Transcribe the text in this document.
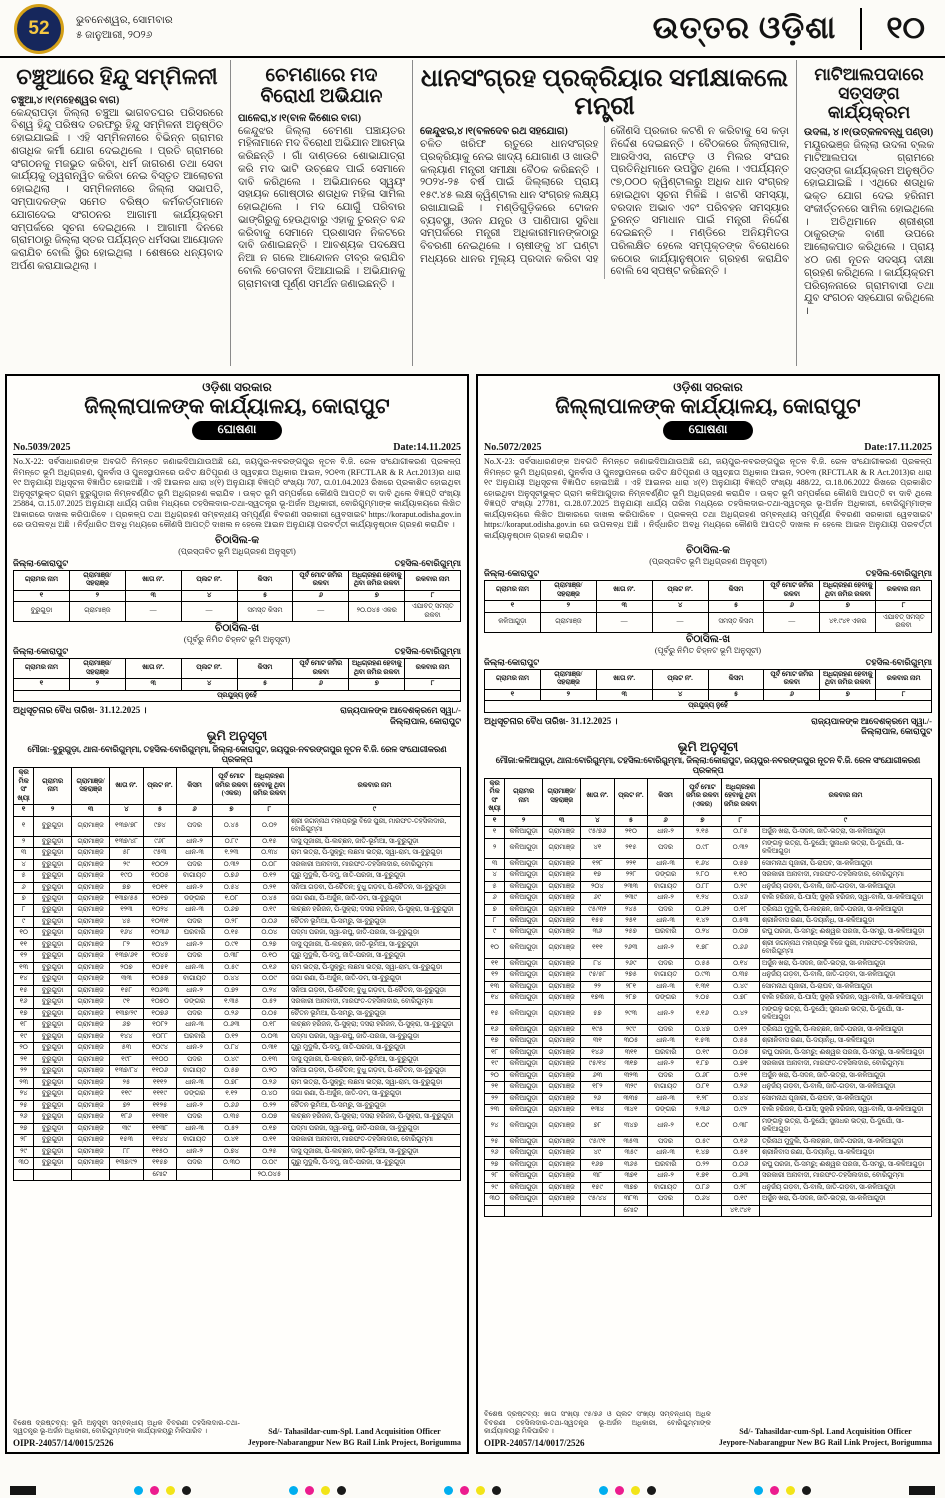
52	ଭୁବନେଶ୍ୱର, ସୋମବାର
୫ ଜାନୁଆରୀ, ୨୦୨୬	ଉତ୍ତର ଓଡ଼ିଶା ୧୦
ଚଞ୍ଚୁଆରେ ହିନ୍ଦୁ ସମ୍ମିଳନୀ
ଚଞ୍ଚୁଆ,୪।୧(ମହେଶ୍ୱର ବାଗ)

କେନ୍ଦ୍ରାପଡ଼ା ଜିଲ୍ଲା ଚଞ୍ଚୁଆ ଭାଗବତଘର ପରିସରରେ ବିଶ୍ୱ ହିନ୍ଦୁ ପରିଷଦ ତରଫରୁ ହିନ୍ଦୁ ସମ୍ମିଳନୀ ଅନୁଷ୍ଠିତ ହୋଇଯାଇଛି । ଏହି ସମ୍ମିଳନୀରେ ବିଭିନ୍ନ ଗ୍ରାମର ଶତାଧିକ କର୍ମୀ ଯୋଗ ଦେଇଥିଲେ । ପ୍ରତି ଗ୍ରାମରେ ସଂଗଠନକୁ ମଜଭୁତ କରିବା, ଧର୍ମ ଜାଗରଣ ତଥା ସେବା କାର୍ଯ୍ୟକୁ ତ୍ୱରାନ୍ୱିତ କରିବା ନେଇ ବିସ୍ତୃତ ଆଲୋଚନା ହୋଇଥିଲା । ସମ୍ମିଳନୀରେ ଜିଲ୍ଲା ସଭାପତି, ସମ୍ପାଦକଙ୍କ ସମେତ ବରିଷ୍ଠ କର୍ମକର୍ତ୍ତାମାନେ ଯୋଗଦେଇ ସଂଗଠନର ଆଗାମୀ କାର୍ଯ୍ୟକ୍ରମ ସମ୍ପର୍କରେ ସୂଚନା ଦେଇଥିଲେ । ଆଗାମୀ ଦିନରେ ଗ୍ରାମଠାରୁ ଜିଲ୍ଲା ସ୍ତର ପର୍ଯ୍ୟନ୍ତ ଧର୍ମସଭା ଆୟୋଜନ କରାଯିବ ବୋଲି ସ୍ଥିର ହୋଇଥିଲା । ଶେଷରେ ଧନ୍ୟବାଦ ଅର୍ପଣ କରାଯାଇଥିଲା ।

ଚେମଣାରେ ମଦ ବିରୋଧୀ ଅଭିଯାନ
ପାଳେରା,୪।୧(ବାଳ କିଶୋର ବାଗ)

କେନ୍ଦୁଝର ଜିଲ୍ଲା ଚେମଣା ପଞ୍ଚାୟତର ମହିଳାମାନେ ମଦ ବିରୋଧୀ ଅଭିଯାନ ଆରମ୍ଭ କରିଛନ୍ତି । ଗାଁ ଦାଣ୍ଡରେ ଶୋଭାଯାତ୍ରା କରି ମଦ ଭାଟି ଉଚ୍ଛେଦ ପାଇଁ ସେମାନେ ଦାବି କରିଥିଲେ । ଅଭିଯାନରେ ସ୍ୱୟଂ ସହାୟକ ଗୋଷ୍ଠୀର ଶତାଧିକ ମହିଳା ସାମିଲ ହୋଇଥିଲେ । ମଦ ଯୋଗୁଁ ପରିବାର ଭାଙ୍ଗିରୁଜୁ ହେଉଥିବାରୁ ଏହାକୁ ତୁରନ୍ତ ବନ୍ଦ କରିବାକୁ ସେମାନେ ପ୍ରଶାସନ ନିକଟରେ ଦାବି ଜଣାଇଛନ୍ତି । ଆବଶ୍ୟକ ପଦକ୍ଷେପ ନିଆ ନ ଗଲେ ଆନ୍ଦୋଳନ ତୀବ୍ର କରାଯିବ ବୋଲି ଚେତାବନୀ ଦିଆଯାଇଛି । ଅଭିଯାନକୁ ଗ୍ରାମବାସୀ ପୂର୍ଣ୍ଣ ସମର୍ଥନ ଜଣାଇଛନ୍ତି ।

ଧାନସଂଗ୍ରହ ପ୍ରକ୍ରିୟାର ସମୀକ୍ଷାକଲେ ମନ୍ତ୍ରୀ
କେନ୍ଦୁଝର,୪।୧(ବଳଦେବ ରଥ ସହଯୋଗ)

ଚଳିତ ଖରିଫ ଋତୁରେ ଧାନସଂଗ୍ରହ ପ୍ରକ୍ରିୟାକୁ ନେଇ ଖାଦ୍ୟ ଯୋଗାଣ ଓ ଖାଉଟି କଲ୍ୟାଣ ମନ୍ତ୍ରୀ ସମୀକ୍ଷା ବୈଠକ କରିଛନ୍ତି । ୨୦୨୪-୨୫ ବର୍ଷ ପାଇଁ ଜିଲ୍ଲାରେ ପ୍ରାୟ ୧୫୯.୪୫ ଲକ୍ଷ କ୍ୱିଣ୍ଟାଲ ଧାନ ସଂଗ୍ରହ ଲକ୍ଷ୍ୟ ରଖାଯାଇଛି । ମଣ୍ଡିଗୁଡ଼ିକରେ ଟୋକନ ବ୍ୟବସ୍ଥା, ଓଜନ ଯନ୍ତ୍ର ଓ ପାଣିପାଗ ସୁବିଧା ସମ୍ପର୍କରେ ମନ୍ତ୍ରୀ ଅଧିକାରୀମାନଙ୍କଠାରୁ ବିବରଣୀ ନେଇଥିଲେ । ଚାଷୀଙ୍କୁ ୪୮ ଘଣ୍ଟା ମଧ୍ୟରେ ଧାନର ମୂଲ୍ୟ ପ୍ରଦାନ କରିବା ସହ କୌଣସି ପ୍ରକାର କଟଣି ନ କରିବାକୁ ସେ କଡ଼ା ନିର୍ଦ୍ଦେଶ ଦେଇଛନ୍ତି । ବୈଠକରେ ଜିଲ୍ଲାପାଳ, ଆରସିଏସ, ନାଫେଡ଼ ଓ ମିଲର ସଂଘର ପ୍ରତିନିଧିମାନେ ଉପସ୍ଥିତ ଥିଲେ । ଏପର୍ଯ୍ୟନ୍ତ ୯୭,୦୦୦ କ୍ୱିଣ୍ଟାଲରୁ ଅଧିକ ଧାନ ସଂଗ୍ରହ ହୋଇଥିବା ସୂଚନା ମିଳିଛି । ଖଟଣି ସମସ୍ୟା, ବରଦାନ ଅଭାବ ଏବଂ ପରିବହନ ସମସ୍ୟାର ତୁରନ୍ତ ସମାଧାନ ପାଇଁ ମନ୍ତ୍ରୀ ନିର୍ଦ୍ଦେଶ ଦେଇଛନ୍ତି । ମଣ୍ଡିରେ ଅନିୟମିତତା ପରିଲକ୍ଷିତ ହେଲେ ସମ୍ପୃକ୍ତଙ୍କ ବିରୋଧରେ କଠୋର କାର୍ଯ୍ୟାନୁଷ୍ଠାନ ଗ୍ରହଣ କରାଯିବ ବୋଲି ସେ ସ୍ପଷ୍ଟ କରିଛନ୍ତି ।

ମାଟିଆଲପଦାରେ ସତ୍ସଙ୍ଗ କାର୍ଯ୍ୟକ୍ରମ
ଉଦଳା, ୪।୧(ଉତ୍କଳବନ୍ଧୁ ପଣ୍ଡା)

ମୟୂରଭଞ୍ଜ ଜିଲ୍ଲା ଉଦଳା ବ୍ଲକ ମାଟିଆଲପଦା ଗ୍ରାମରେ ସତ୍ସଙ୍ଗ କାର୍ଯ୍ୟକ୍ରମ ଅନୁଷ୍ଠିତ ହୋଇଯାଇଛି । ଏଥିରେ ଶତାଧିକ ଭକ୍ତ ଯୋଗ ଦେଇ ହରିନାମ ସଂକୀର୍ତ୍ତନରେ ସାମିଲ ହୋଇଥିଲେ । ଅତିଥିମାନେ ଶ୍ରୀଶ୍ରୀ ଠାକୁରଙ୍କ ବାଣୀ ଉପରେ ଆଲୋକପାତ କରିଥିଲେ । ପ୍ରାୟ ୪୦ ଜଣ ନୂତନ ସଦସ୍ୟ ଦୀକ୍ଷା ଗ୍ରହଣ କରିଥିଲେ । କାର୍ଯ୍ୟକ୍ରମ ପରିଚାଳନାରେ ଗ୍ରାମବାସୀ ତଥା ଯୁବ ସଂଗଠନ ସହଯୋଗ କରିଥିଲେ ।

ଓଡ଼ିଶା ସରକାର
ଜିଲ୍ଲାପାଳଙ୍କ କାର୍ଯ୍ୟାଳୟ, କୋରାପୁଟ
ଘୋଷଣା
No.5039/2025	Date:14.11.2025

No.X-22: ସର୍ବସାଧାରଣଙ୍କ ଅବଗତି ନିମନ୍ତେ ଜଣାଇଦିଆଯାଉଅଛି ଯେ, ଜୟପୁର-ନବରଙ୍ଗପୁର ନୂତନ ବି.ଜି. ରେଳ ସଂଯୋଗୀକରଣ ପ୍ରକଳ୍ପ ନିମନ୍ତେ ଭୂମି ଅଧିଗ୍ରହଣ, ପୁନର୍ବାସ ଓ ପୁନଃସ୍ଥାପନରେ ଉଚିତ କ୍ଷତିପୂରଣ ଓ ସ୍ୱଚ୍ଛତା ଅଧିକାର ଆଇନ, ୨୦୧୩ (RFCTLAR & R Act.2013)ର ଧାରା ୧୯ ଅନୁଯାୟୀ ଅଧିସୂଚନା ବିଜ୍ଞାପିତ ହୋଇଅଛି । ଏହି ଆଇନର ଧାରା ୪(୧) ଅନୁଯାୟୀ ବିଜ୍ଞପ୍ତି ସଂଖ୍ୟା 707, ତା.01.04.2023 ରିଖରେ ପ୍ରକାଶିତ ହୋଇଥିବା ଅନୁସୂଚୀଭୁକ୍ତ ଗ୍ରାମ ବୁରୁଗୁଡ଼ାର ନିମ୍ନବର୍ଣ୍ଣିତ ଭୂମି ଅଧିଗ୍ରହଣ କରାଯିବ । ଉକ୍ତ ଭୂମି ସମ୍ପର୍କରେ କୌଣସି ଆପତ୍ତି ବା ଦାବି ଥିଲେ ବିଜ୍ଞପ୍ତି ସଂଖ୍ୟା 25884, ତା.15.07.2025 ଅନୁଯାୟୀ ଧାର୍ଯ୍ୟ ତାରିଖ ମଧ୍ୟରେ ତହସିଲଦାର-ତଥା-ସ୍ୱତନ୍ତ୍ର ଭୂ-ଅର୍ଜନ ଅଧିକାରୀ, ବୋରିଗୁମ୍ମାଙ୍କ କାର୍ଯ୍ୟାଳୟରେ ଲିଖିତ ଆକାରରେ ଦାଖଲ କରିପାରିବେ । ପ୍ରକଳ୍ପ ତଥା ଅଧିଗ୍ରହଣ ସମ୍ବନ୍ଧୀୟ ସମ୍ପୂର୍ଣ୍ଣ ବିବରଣୀ ସରକାରୀ ୱେବସାଇଟ https://koraput.odisha.gov.in ରେ ଉପଲବ୍ଧ ଅଛି । ନିର୍ଦ୍ଧାରିତ ଅବଧି ମଧ୍ୟରେ କୌଣସି ଆପତ୍ତି ଦାଖଲ ନ ହେଲେ ଆଇନ ଅନୁଯାୟୀ ପରବର୍ତ୍ତୀ କାର୍ଯ୍ୟାନୁଷ୍ଠାନ ଗ୍ରହଣ କରାଯିବ ।

ଚିଠାସିଲ-କ
(ପ୍ରସ୍ତାବିତ ଭୂମି ଅଧିଗ୍ରହଣ ଅନୁସୂଚୀ)
ଜିଲ୍ଲା-କୋରାପୁଟ	ତହସିଲ-ବୋରିଗୁମ୍ମା
ଗ୍ରାମର ନାମ	ଗ୍ରାମାଞ୍ଜ/ ସହରାଞ୍ଜ	ଖାତା ନଂ.	ପ୍ଲଟ ନଂ.	କିସମ	ପୂର୍ବ ମୋଟ ଜମିର ରକବା	ଅଧିଗ୍ରହଣ ହେବାକୁ ଥିବା ଜମିର ରକବା	ରକବାର ନାମ
୧	୨	୩	୪	୫	୬	୭	୮
ବୁରୁଗୁଡ଼ା	ଗ୍ରାମାଞ୍ଜ	—	—	ସମସ୍ତ କିସମ	—	୨୦.୦୪୫ ଏକର	ଏଯାବତ୍ ସମସ୍ତ ରକବା
ଚିଠାସିଲ-ଖ
(ପୂର୍ବରୁ ନିମିତ ଚିହ୍ନଟ ଭୂମି ଅନୁସୂଚୀ)
ଜିଲ୍ଲା-କୋରାପୁଟ	ତହସିଲ-ବୋରିଗୁମ୍ମା
ଗ୍ରାମର ନାମ	ଗ୍ରାମାଞ୍ଜ/ ସହରାଞ୍ଜ	ଖାତା ନଂ.	ପ୍ଲଟ ନଂ.	କିସମ	ପୂର୍ବ ମୋଟ ଜମିର ରକବା	ଅଧିଗ୍ରହଣ ହେବାକୁ ଥିବା ଜମିର ରକବା	ରକବାର ନାମ
୧	୨	୩	୪	୫	୬	୭	୮
ପ୍ରଯୁଜ୍ୟ ନୁହେଁ							
ଅଧିସୂଚନାର ବୈଧ ତାରିଖ- 31.12.2025 ।	ରାଜ୍ୟପାଳଙ୍କ ଆଦେଶକ୍ରମେ ସ୍ୱା./-
ଜିଲ୍ଲାପାଳ, କୋରାପୁଟ
ଭୂମି ଅନୁସୂଚୀ
ମୌଜା:-ବୁରୁଗୁଡ଼ା, ଥାନା-ବୋରିଗୁମ୍ମା, ତହସିଲ-ବୋରିଗୁମ୍ମା, ଜିଲ୍ଲା-କୋରାପୁଟ, ଜୟପୁର-ନବରଙ୍ଗପୁର ନୂତନ ବି.ଜି. ରେଳ ସଂଯୋଗୀକରଣ ପ୍ରକଳ୍ପ
କ୍ରମିକ ସଂଖ୍ୟା	ଗ୍ରାମର ନାମ	ଗ୍ରାମାଞ୍ଜ/ ସହରାଞ୍ଜ	ଖାତା ନଂ.	ପ୍ଲଟ ନଂ.	କିସମ	ପୂର୍ବ ମୋଟ ଜମିର ରକବା (ଏକର)	ଅଧିଗ୍ରହଣ ହେବାକୁ ଥିବା ଜମିର ରକବା	ରକବାର ନାମ
୧	୨	୩	୪	୫	୬	୭	୮	୯
୧	ବୁରୁଗୁଡ଼ା	ଗ୍ରାମାଞ୍ଜ	୧୩୭/୭୮	୯୭୪	ପଦର	୦.୪୫	୦.୦୨	ଶ୍ରୀ ଜଗନ୍ନାଥ ମହାପ୍ରଭୁ ବିଜେ ପୁରୀ, ମାରଫତ-ତହସିଲଦାର, ବୋରିଗୁମ୍ମା
୨	ବୁରୁଗୁଡ଼ା	ଗ୍ରାମାଞ୍ଜ	୧୩୭/୪୮	୯୬୮	ଧାନ-୨	୦.୮୯	୦.୧୫	ଦାସୁ ପୂଜାରୀ, ପି-ଲଚ୍ଛନ, ଜାତି-ଭୂମିଆ, ସା-ବୁରୁଗୁଡ଼ା
୩	ବୁରୁଗୁଡ଼ା	ଗ୍ରାମାଞ୍ଜ	୫୮	୯୫୩	ଧାନ-୩	୧.୨୩	୦.୩୪	ରାମ ଭତ୍ରା, ପି-ସୁକ୍ରୁ; ଲଛମା ଭତ୍ରା, ସ୍ୱା-ରାମ, ସା-ବୁରୁଗୁଡ଼ା
୪	ବୁରୁଗୁଡ଼ା	ଗ୍ରାମାଞ୍ଜ	୨୯	୧୦୦୨	ପଦର	୦.୩୨	୦.୦୮	ସରକାରୀ ଅନାବାଦୀ, ମାରଫତ-ତହସିଲଦାର, ବୋରିଗୁମ୍ମା
୫	ବୁରୁଗୁଡ଼ା	ଗ୍ରାମାଞ୍ଜ	୧୯୦	୧୦୦୫	ବାଗାୟତ	୦.୭୬	୦.୧୨	ଗୁରୁ ମୁଦୁଲି, ପି-ଦମୁ, ଜାତି-ପରଜା, ସା-ବୁରୁଗୁଡ଼ା
୬	ବୁରୁଗୁଡ଼ା	ଗ୍ରାମାଞ୍ଜ	୭୭	୧୦୧୧	ଧାନ-୨	୦.୫୪	୦.୨୧	ସନିଆ ଗଡ଼ବା, ପି-ଚୈତନ; ବୁଧୁ ଗଡ଼ବା, ପି-ଚୈତନ, ସା-ବୁରୁଗୁଡ଼ା
୭	ବୁରୁଗୁଡ଼ା	ଗ୍ରାମାଞ୍ଜ	୧୩୭/୫୫	୧୦୧୭	ଡଙ୍ଗର	୧.୦୮	୦.୪୫	ଜଗା ରଣା, ପି-ଅର୍ଜୁନ, ଜାତି-ଡମ, ସା-ବୁରୁଗୁଡ଼ା
୮	ବୁରୁଗୁଡ଼ା	ଗ୍ରାମାଞ୍ଜ	୧୨୩	୧୦୨୪	ଧାନ-୩	୦.୬୭	୦.୧୯	ଲଚ୍ଛନ ହରିଜନ, ପି-ସୁକ୍ରା; ଦସରା ହରିଜନ, ପି-ସୁକ୍ରା, ସା-ବୁରୁଗୁଡ଼ା
୯	ବୁରୁଗୁଡ଼ା	ଗ୍ରାମାଞ୍ଜ	୪୫	୧୦୩୧	ପଦର	୦.୨୮	୦.୦୬	ଚୈତନ ଭୂମିଆ, ପି-ସମରୁ, ସା-ବୁରୁଗୁଡ଼ା
୧୦	ବୁରୁଗୁଡ଼ା	ଗ୍ରାମାଞ୍ଜ	୧୬୪	୧୦୩୬	ଘରବାରି	୦.୧୫	୦.୦୪	ପଦ୍ମା ପରଜା, ସ୍ୱା-ରଘୁ, ଜାତି-ପରଜା, ସା-ବୁରୁଗୁଡ଼ା
୧୧	ବୁରୁଗୁଡ଼ା	ଗ୍ରାମାଞ୍ଜ	୮୨	୧୦୪୨	ଧାନ-୨	୦.୯୧	୦.୨୭	ଦାସୁ ପୂଜାରୀ, ପି-ଲଚ୍ଛନ, ଜାତି-ଭୂମିଆ, ସା-ବୁରୁଗୁଡ଼ା
୧୨	ବୁରୁଗୁଡ଼ା	ଗ୍ରାମାଞ୍ଜ	୧୩୭/୬୧	୧୦୪୫	ପଦର	୦.୩୮	୦.୧୦	ଗୁରୁ ମୁଦୁଲି, ପି-ଦମୁ, ଜାତି-ପରଜା, ସା-ବୁରୁଗୁଡ଼ା
୧୩	ବୁରୁଗୁଡ଼ା	ଗ୍ରାମାଞ୍ଜ	୨୦୭	୧୦୫୧	ଧାନ-୩	୦.୫୯	୦.୧୬	ରାମ ଭତ୍ରା, ପି-ସୁକ୍ରୁ; ଲଛମା ଭତ୍ରା, ସ୍ୱା-ରାମ, ସା-ବୁରୁଗୁଡ଼ା
୧୪	ବୁରୁଗୁଡ଼ା	ଗ୍ରାମାଞ୍ଜ	୩୩	୧୦୫୭	ବାଗାୟତ	୦.୪୪	୦.୦୯	ଜଗା ରଣା, ପି-ଅର୍ଜୁନ, ଜାତି-ଡମ, ସା-ବୁରୁଗୁଡ଼ା
୧୫	ବୁରୁଗୁଡ଼ା	ଗ୍ରାମାଞ୍ଜ	୧୫୮	୧୦୬୩	ଧାନ-୨	୦.୭୨	୦.୨୪	ସନିଆ ଗଡ଼ବା, ପି-ଚୈତନ; ବୁଧୁ ଗଡ଼ବା, ପି-ଚୈତନ, ସା-ବୁରୁଗୁଡ଼ା
୧୬	ବୁରୁଗୁଡ଼ା	ଗ୍ରାମାଞ୍ଜ	୯୧	୧୦୭୦	ଡଙ୍ଗର	୧.୩୫	୦.୫୨	ସରକାରୀ ଅନାବାଦୀ, ମାରଫତ-ତହସିଲଦାର, ବୋରିଗୁମ୍ମା
୧୭	ବୁରୁଗୁଡ଼ା	ଗ୍ରାମାଞ୍ଜ	୧୩୭/୨୯	୧୦୭୬	ପଦର	୦.୨୬	୦.୦୫	ଚୈତନ ଭୂମିଆ, ପି-ସମରୁ, ସା-ବୁରୁଗୁଡ଼ା
୧୮	ବୁରୁଗୁଡ଼ା	ଗ୍ରାମାଞ୍ଜ	୬୭	୧୦୮୨	ଧାନ-୩	୦.୬୩	୦.୧୮	ଲଚ୍ଛନ ହରିଜନ, ପି-ସୁକ୍ରା; ଦସରା ହରିଜନ, ପି-ସୁକ୍ରା, ସା-ବୁରୁଗୁଡ଼ା
୧୯	ବୁରୁଗୁଡ଼ା	ଗ୍ରାମାଞ୍ଜ	୧୪୪	୧୦୮୮	ଘରବାରି	୦.୧୨	୦.୦୩	ପଦ୍ମା ପରଜା, ସ୍ୱା-ରଘୁ, ଜାତି-ପରଜା, ସା-ବୁରୁଗୁଡ଼ା
୨୦	ବୁରୁଗୁଡ଼ା	ଗ୍ରାମାଞ୍ଜ	୫୩	୧୦୯୪	ଧାନ-୨	୦.୮୪	୦.୩୧	ଗୁରୁ ମୁଦୁଲି, ପି-ଦମୁ, ଜାତି-ପରଜା, ସା-ବୁରୁଗୁଡ଼ା
୨୧	ବୁରୁଗୁଡ଼ା	ଗ୍ରାମାଞ୍ଜ	୧୯୮	୧୧୦୦	ପଦର	୦.୪୯	୦.୧୩	ଦାସୁ ପୂଜାରୀ, ପି-ଲଚ୍ଛନ, ଜାତି-ଭୂମିଆ, ସା-ବୁରୁଗୁଡ଼ା
୨୨	ବୁରୁଗୁଡ଼ା	ଗ୍ରାମାଞ୍ଜ	୧୩୭/୮୪	୧୧୦୬	ବାଗାୟତ	୦.୫୭	୦.୨୦	ସନିଆ ଗଡ଼ବା, ପି-ଚୈତନ; ବୁଧୁ ଗଡ଼ବା, ପି-ଚୈତନ, ସା-ବୁରୁଗୁଡ଼ା
୨୩	ବୁରୁଗୁଡ଼ା	ଗ୍ରାମାଞ୍ଜ	୨୫	୧୧୧୨	ଧାନ-୩	୦.୭୮	୦.୨୬	ରାମ ଭତ୍ରା, ପି-ସୁକ୍ରୁ; ଲଛମା ଭତ୍ରା, ସ୍ୱା-ରାମ, ସା-ବୁରୁଗୁଡ଼ା
୨୪	ବୁରୁଗୁଡ଼ା	ଗ୍ରାମାଞ୍ଜ	୧୧୯	୧୧୧୯	ଡଙ୍ଗର	୧.୧୨	୦.୪୦	ଜଗା ରଣା, ପି-ଅର୍ଜୁନ, ଜାତି-ଡମ, ସା-ବୁରୁଗୁଡ଼ା
୨୫	ବୁରୁଗୁଡ଼ା	ଗ୍ରାମାଞ୍ଜ	୭୨	୧୧୨୫	ଧାନ-୨	୦.୬୬	୦.୨୨	ଚୈତନ ଭୂମିଆ, ପି-ସମରୁ, ସା-ବୁରୁଗୁଡ଼ା
୨୬	ବୁରୁଗୁଡ଼ା	ଗ୍ରାମାଞ୍ଜ	୧୮୬	୧୧୩୧	ପଦର	୦.୩୫	୦.୦୭	ଲଚ୍ଛନ ହରିଜନ, ପି-ସୁକ୍ରା; ଦସରା ହରିଜନ, ପି-ସୁକ୍ରା, ସା-ବୁରୁଗୁଡ଼ା
୨୭	ବୁରୁଗୁଡ଼ା	ଗ୍ରାମାଞ୍ଜ	୩୯	୧୧୩୮	ଧାନ-୩	୦.୫୨	୦.୧୭	ପଦ୍ମା ପରଜା, ସ୍ୱା-ରଘୁ, ଜାତି-ପରଜା, ସା-ବୁରୁଗୁଡ଼ା
୨୮	ବୁରୁଗୁଡ଼ା	ଗ୍ରାମାଞ୍ଜ	୧୫୩	୧୧୪୪	ବାଗାୟତ	୦.୪୧	୦.୧୧	ସରକାରୀ ଅନାବାଦୀ, ମାରଫତ-ତହସିଲଦାର, ବୋରିଗୁମ୍ମା
୨୯	ବୁରୁଗୁଡ଼ା	ଗ୍ରାମାଞ୍ଜ	୮୮	୧୧୫୦	ଧାନ-୨	୦.୭୪	୦.୨୫	ଦାସୁ ପୂଜାରୀ, ପି-ଲଚ୍ଛନ, ଜାତି-ଭୂମିଆ, ସା-ବୁରୁଗୁଡ଼ା
୩୦	ବୁରୁଗୁଡ଼ା	ଗ୍ରାମାଞ୍ଜ	୧୩୭/୯୨	୧୧୫୭	ପଦର	୦.୩୦	୦.୦୯	ଗୁରୁ ମୁଦୁଲି, ପି-ଦମୁ, ଜାତି-ପରଜା, ସା-ବୁରୁଗୁଡ଼ା
				ମୋଟ			୨୦.୦୪୫	

ବିଶେଷ ଦ୍ରଷ୍ଟବ୍ୟ: ଭୂମି ଅନୁସୂଚୀ ସମ୍ବନ୍ଧୀୟ ଅଧିକ ବିବରଣୀ ତହସିଲଦାର-ତଥା-ସ୍ୱତନ୍ତ୍ର ଭୂ-ଅର୍ଜନ ଅଧିକାରୀ, ବୋରିଗୁମ୍ମାଙ୍କ କାର୍ଯ୍ୟାଳୟରୁ ମିଳିପାରିବ ।

OIPR-24057/14/0015/2526
Sd/- Tahasildar-cum-Spl. Land Acquisition Officer
Jeypore-Nabarangpur New BG Rail Link Project, Borigumma
ଓଡ଼ିଶା ସରକାର
ଜିଲ୍ଲାପାଳଙ୍କ କାର୍ଯ୍ୟାଳୟ, କୋରାପୁଟ
ଘୋଷଣା
No.5072/2025	Date:17.11.2025

No.X-23: ସର୍ବସାଧାରଣଙ୍କ ଅବଗତି ନିମନ୍ତେ ଜଣାଇଦିଆଯାଉଅଛି ଯେ, ଜୟପୁର-ନବରଙ୍ଗପୁର ନୂତନ ବି.ଜି. ରେଳ ସଂଯୋଗୀକରଣ ପ୍ରକଳ୍ପ ନିମନ୍ତେ ଭୂମି ଅଧିଗ୍ରହଣ, ପୁନର୍ବାସ ଓ ପୁନଃସ୍ଥାପନରେ ଉଚିତ କ୍ଷତିପୂରଣ ଓ ସ୍ୱଚ୍ଛତା ଅଧିକାର ଆଇନ, ୨୦୧୩ (RFCTLAR & R Act.2013)ର ଧାରା ୧୯ ଅନୁଯାୟୀ ଅଧିସୂଚନା ବିଜ୍ଞାପିତ ହୋଇଅଛି । ଏହି ଆଇନର ଧାରା ୪(୧) ଅନୁଯାୟୀ ବିଜ୍ଞପ୍ତି ସଂଖ୍ୟା 488/22, ତା.18.06.2022 ରିଖରେ ପ୍ରକାଶିତ ହୋଇଥିବା ଅନୁସୂଚୀଭୁକ୍ତ ଗ୍ରାମ କଳିଆଗୁଡ଼ାର ନିମ୍ନବର୍ଣ୍ଣିତ ଭୂମି ଅଧିଗ୍ରହଣ କରାଯିବ । ଉକ୍ତ ଭୂମି ସମ୍ପର୍କରେ କୌଣସି ଆପତ୍ତି ବା ଦାବି ଥିଲେ ବିଜ୍ଞପ୍ତି ସଂଖ୍ୟା 27781, ତା.28.07.2025 ଅନୁଯାୟୀ ଧାର୍ଯ୍ୟ ତାରିଖ ମଧ୍ୟରେ ତହସିଲଦାର-ତଥା-ସ୍ୱତନ୍ତ୍ର ଭୂ-ଅର୍ଜନ ଅଧିକାରୀ, ବୋରିଗୁମ୍ମାଙ୍କ କାର୍ଯ୍ୟାଳୟରେ ଲିଖିତ ଆକାରରେ ଦାଖଲ କରିପାରିବେ । ପ୍ରକଳ୍ପ ତଥା ଅଧିଗ୍ରହଣ ସମ୍ବନ୍ଧୀୟ ସମ୍ପୂର୍ଣ୍ଣ ବିବରଣୀ ସରକାରୀ ୱେବସାଇଟ https://koraput.odisha.gov.in ରେ ଉପଲବ୍ଧ ଅଛି । ନିର୍ଦ୍ଧାରିତ ଅବଧି ମଧ୍ୟରେ କୌଣସି ଆପତ୍ତି ଦାଖଲ ନ ହେଲେ ଆଇନ ଅନୁଯାୟୀ ପରବର୍ତ୍ତୀ କାର୍ଯ୍ୟାନୁଷ୍ଠାନ ଗ୍ରହଣ କରାଯିବ ।

ଚିଠାସିଲ-କ
(ପ୍ରସ୍ତାବିତ ଭୂମି ଅଧିଗ୍ରହଣ ଅନୁସୂଚୀ)
ଜିଲ୍ଲା-କୋରାପୁଟ	ତହସିଲ-ବୋରିଗୁମ୍ମା
ଗ୍ରାମର ନାମ	ଗ୍ରାମାଞ୍ଜ/ ସହରାଞ୍ଜ	ଖାତା ନଂ.	ପ୍ଲଟ ନଂ.	କିସମ	ପୂର୍ବ ମୋଟ ଜମିର ରକବା	ଅଧିଗ୍ରହଣ ହେବାକୁ ଥିବା ଜମିର ରକବା	ରକବାର ନାମ
୧	୨	୩	୪	୫	୬	୭	୮
କଳିଆଗୁଡ଼ା	ଗ୍ରାମାଞ୍ଜ	—	—	ସମସ୍ତ କିସମ	—	୪୧.୯୪୧ ଏକର	ଏଯାବତ୍ ସମସ୍ତ ରକବା
ଚିଠାସିଲ-ଖ
(ପୂର୍ବରୁ ନିମିତ ଚିହ୍ନଟ ଭୂମି ଅନୁସୂଚୀ)
ଜିଲ୍ଲା-କୋରାପୁଟ	ତହସିଲ-ବୋରିଗୁମ୍ମା
ଗ୍ରାମର ନାମ	ଗ୍ରାମାଞ୍ଜ/ ସହରାଞ୍ଜ	ଖାତା ନଂ.	ପ୍ଲଟ ନଂ.	କିସମ	ପୂର୍ବ ମୋଟ ଜମିର ରକବା	ଅଧିଗ୍ରହଣ ହେବାକୁ ଥିବା ଜମିର ରକବା	ରକବାର ନାମ
୧	୨	୩	୪	୫	୬	୭	୮
ପ୍ରଯୁଜ୍ୟ ନୁହେଁ							
ଅଧିସୂଚନାର ବୈଧ ତାରିଖ- 31.12.2025 ।	ରାଜ୍ୟପାଳଙ୍କ ଆଦେଶକ୍ରମେ ସ୍ୱା./-
ଜିଲ୍ଲାପାଳ, କୋରାପୁଟ
ଭୂମି ଅନୁସୂଚୀ
ମୌଜା:କଳିଆଗୁଡ଼ା, ଥାନା:ବୋରିଗୁମ୍ମା, ତହସିଲ:ବୋରିଗୁମ୍ମା, ଜିଲ୍ଲା:କୋରାପୁଟ, ଜୟପୁର-ନବରଙ୍ଗପୁର ନୂତନ ବି.ଜି. ରେଳ ସଂଯୋଗୀକରଣ ପ୍ରକଳ୍ପ
କ୍ରମିକ ସଂଖ୍ୟା	ଗ୍ରାମର ନାମ	ଗ୍ରାମାଞ୍ଜ/ ସହରାଞ୍ଜ	ଖାତା ନଂ.	ପ୍ଲଟ ନଂ.	କିସମ	ପୂର୍ବ ମୋଟ ଜମିର ରକବା (ଏକର)	ଅଧିଗ୍ରହଣ ହେବାକୁ ଥିବା ଜମିର ରକବା	ରକବାର ନାମ
୧	୨	୩	୪	୫	୬	୭	୮	୯
୧	କଳିଆଗୁଡ଼ା	ଗ୍ରାମାଞ୍ଜ	୯୫/୭୬	୨୧୦	ଧାନ-୨	୨.୧୫	୦.୮୫	ଅର୍ଜୁନ ଖରା, ପି-ସଦନ, ଜାତି-ଭତ୍ରା, ସା-କଳିଆଗୁଡ଼ା
୨	କଳିଆଗୁଡ଼ା	ଗ୍ରାମାଞ୍ଜ	୪୧	୨୧୫	ପଦର	୦.୯୮	୦.୩୨	ମଙ୍ଗଳୁ ଭତ୍ରା, ପି-ଦୁର୍ଯୋ; ସୁନାଧର ଭତ୍ରା, ପି-ଦୁର୍ଯୋ, ସା-କଳିଆଗୁଡ଼ା
୩	କଳିଆଗୁଡ଼ା	ଗ୍ରାମାଞ୍ଜ	୧୨୮	୨୨୧	ଧାନ-୩	୧.୬୪	୦.୫୭	ସୋମନାଥ ପୂଜାରୀ, ପି-ରାଘବ, ସା-କଳିଆଗୁଡ଼ା
୪	କଳିଆଗୁଡ଼ା	ଗ୍ରାମାଞ୍ଜ	୧୭	୨୨୮	ଡଙ୍ଗର	୨.୮୦	୧.୧୦	ସରକାରୀ ଅନାବାଦୀ, ମାରଫତ-ତହସିଲଦାର, ବୋରିଗୁମ୍ମା
୫	କଳିଆଗୁଡ଼ା	ଗ୍ରାମାଞ୍ଜ	୨୦୪	୨୩୩	ବାଗାୟତ	୦.୮୮	୦.୨୯	ଧନୁର୍ଜୟ ଗଡ଼ବା, ପି-ବାଲି, ଜାତି-ଗଡ଼ବା, ସା-କଳିଆଗୁଡ଼ା
୬	କଳିଆଗୁଡ଼ା	ଗ୍ରାମାଞ୍ଜ	୬୯	୨୩୯	ଧାନ-୨	୧.୨୪	୦.୪୬	ବାଲି ହରିଜନ, ପି-ଘାସି; ସୁକ୍ରି ହରିଜନ, ସ୍ୱା-ବାଲି, ସା-କଳିଆଗୁଡ଼ା
୭	କଳିଆଗୁଡ଼ା	ଗ୍ରାମାଞ୍ଜ	୯୫/୩୨	୨୪୫	ପଦର	୦.୬୨	୦.୧୮	ତ୍ରିନାଥ ମୁଦୁଲି, ପି-ଲଚ୍ଛନ, ଜାତି-ପରଜା, ସା-କଳିଆଗୁଡ଼ା
୮	କଳିଆଗୁଡ଼ା	ଗ୍ରାମାଞ୍ଜ	୧୫୫	୨୫୧	ଧାନ-୩	୧.୪୨	୦.୫୩	ଶ୍ରୀନିବାସ ରଣା, ପି-ଦୟାନିଧି, ସା-କଳିଆଗୁଡ଼ା
୯	କଳିଆଗୁଡ଼ା	ଗ୍ରାମାଞ୍ଜ	୩୬	୨୫୭	ଘରବାରି	୦.୨୪	୦.୦୭	ରଘୁ ପରଜା, ପି-ସମରୁ; ଈଶ୍ୱର ପରଜା, ପି-ସମରୁ, ସା-କଳିଆଗୁଡ଼ା
୧୦	କଳିଆଗୁଡ଼ା	ଗ୍ରାମାଞ୍ଜ	୧୧୧	୨୬୩	ଧାନ-୨	୧.୭୮	୦.୬୬	ଶ୍ରୀ ଜଗନ୍ନାଥ ମହାପ୍ରଭୁ ବିଜେ ପୁରୀ, ମାରଫତ-ତହସିଲଦାର, ବୋରିଗୁମ୍ମା
୧୧	କଳିଆଗୁଡ଼ା	ଗ୍ରାମାଞ୍ଜ	୮୪	୨୬୯	ପଦର	୦.୫୫	୦.୧୪	ଅର୍ଜୁନ ଖରା, ପି-ସଦନ, ଜାତି-ଭତ୍ରା, ସା-କଳିଆଗୁଡ଼ା
୧୨	କଳିଆଗୁଡ଼ା	ଗ୍ରାମାଞ୍ଜ	୯୫/୫୮	୨୭୫	ବାଗାୟତ	୦.୯୩	୦.୩୫	ଧନୁର୍ଜୟ ଗଡ଼ବା, ପି-ବାଲି, ଜାତି-ଗଡ଼ବା, ସା-କଳିଆଗୁଡ଼ା
୧୩	କଳିଆଗୁଡ଼ା	ଗ୍ରାମାଞ୍ଜ	୨୨	୨୮୧	ଧାନ-୩	୧.୩୧	୦.୪୯	ସୋମନାଥ ପୂଜାରୀ, ପି-ରାଘବ, ସା-କଳିଆଗୁଡ଼ା
୧୪	କଳିଆଗୁଡ଼ା	ଗ୍ରାମାଞ୍ଜ	୧୭୩	୨୮୭	ଡଙ୍ଗର	୨.୦୫	୦.୭୮	ବାଲି ହରିଜନ, ପି-ଘାସି; ସୁକ୍ରି ହରିଜନ, ସ୍ୱା-ବାଲି, ସା-କଳିଆଗୁଡ଼ା
୧୫	କଳିଆଗୁଡ଼ା	ଗ୍ରାମାଞ୍ଜ	୫୭	୨୯୩	ଧାନ-୨	୧.୧୬	୦.୪୨	ମଙ୍ଗଳୁ ଭତ୍ରା, ପି-ଦୁର୍ଯୋ; ସୁନାଧର ଭତ୍ରା, ପି-ଦୁର୍ଯୋ, ସା-କଳିଆଗୁଡ଼ା
୧୬	କଳିଆଗୁଡ଼ା	ଗ୍ରାମାଞ୍ଜ	୧୯୫	୨୯୯	ପଦର	୦.୪୭	୦.୧୨	ତ୍ରିନାଥ ମୁଦୁଲି, ପି-ଲଚ୍ଛନ, ଜାତି-ପରଜା, ସା-କଳିଆଗୁଡ଼ା
୧୭	କଳିଆଗୁଡ଼ା	ଗ୍ରାମାଞ୍ଜ	୩୧	୩୦୫	ଧାନ-୩	୧.୫୩	୦.୫୫	ଶ୍ରୀନିବାସ ରଣା, ପି-ଦୟାନିଧି, ସା-କଳିଆଗୁଡ଼ା
୧୮	କଳିଆଗୁଡ଼ା	ଗ୍ରାମାଞ୍ଜ	୧୪୬	୩୧୧	ଘରବାରି	୦.୧୯	୦.୦୫	ରଘୁ ପରଜା, ପି-ସମରୁ; ଈଶ୍ୱର ପରଜା, ପି-ସମରୁ, ସା-କଳିଆଗୁଡ଼ା
୧୯	କଳିଆଗୁଡ଼ା	ଗ୍ରାମାଞ୍ଜ	୯୫/୧୪	୩୧୭	ଧାନ-୨	୧.୮୭	୦.୭୧	ସରକାରୀ ଅନାବାଦୀ, ମାରଫତ-ତହସିଲଦାର, ବୋରିଗୁମ୍ମା
୨୦	କଳିଆଗୁଡ଼ା	ଗ୍ରାମାଞ୍ଜ	୬୩	୩୨୩	ପଦର	୦.୬୮	୦.୨୧	ଅର୍ଜୁନ ଖରା, ପି-ସଦନ, ଜାତି-ଭତ୍ରା, ସା-କଳିଆଗୁଡ଼ା
୨୧	କଳିଆଗୁଡ଼ା	ଗ୍ରାମାଞ୍ଜ	୧୮୨	୩୨୯	ବାଗାୟତ	୦.୮୧	୦.୨୬	ଧନୁର୍ଜୟ ଗଡ଼ବା, ପି-ବାଲି, ଜାତି-ଗଡ଼ବା, ସା-କଳିଆଗୁଡ଼ା
୨୨	କଳିଆଗୁଡ଼ା	ଗ୍ରାମାଞ୍ଜ	୨୬	୩୩୫	ଧାନ-୩	୧.୨୮	୦.୪୪	ସୋମନାଥ ପୂଜାରୀ, ପି-ରାଘବ, ସା-କଳିଆଗୁଡ଼ା
୨୩	କଳିଆଗୁଡ଼ା	ଗ୍ରାମାଞ୍ଜ	୧୩୪	୩୪୧	ଡଙ୍ଗର	୨.୩୬	୦.୯୨	ବାଲି ହରିଜନ, ପି-ଘାସି; ସୁକ୍ରି ହରିଜନ, ସ୍ୱା-ବାଲି, ସା-କଳିଆଗୁଡ଼ା
୨୪	କଳିଆଗୁଡ଼ା	ଗ୍ରାମାଞ୍ଜ	୭୮	୩୪୭	ଧାନ-୨	୧.୦୯	୦.୩୮	ମଙ୍ଗଳୁ ଭତ୍ରା, ପି-ଦୁର୍ଯୋ; ସୁନାଧର ଭତ୍ରା, ପି-ଦୁର୍ଯୋ, ସା-କଳିଆଗୁଡ଼ା
୨୫	କଳିଆଗୁଡ଼ା	ଗ୍ରାମାଞ୍ଜ	୯୫/୯୧	୩୫୩	ପଦର	୦.୫୯	୦.୧୬	ତ୍ରିନାଥ ମୁଦୁଲି, ପି-ଲଚ୍ଛନ, ଜାତି-ପରଜା, ସା-କଳିଆଗୁଡ଼ା
୨୬	କଳିଆଗୁଡ଼ା	ଗ୍ରାମାଞ୍ଜ	୪୯	୩୫୯	ଧାନ-୩	୧.୪୭	୦.୫୧	ଶ୍ରୀନିବାସ ରଣା, ପି-ଦୟାନିଧି, ସା-କଳିଆଗୁଡ଼ା
୨୭	କଳିଆଗୁଡ଼ା	ଗ୍ରାମାଞ୍ଜ	୧୬୭	୩୬୫	ଘରବାରି	୦.୨୨	୦.୦୬	ରଘୁ ପରଜା, ପି-ସମରୁ; ଈଶ୍ୱର ପରଜା, ପି-ସମରୁ, ସା-କଳିଆଗୁଡ଼ା
୨୮	କଳିଆଗୁଡ଼ା	ଗ୍ରାମାଞ୍ଜ	୩୮	୩୭୧	ଧାନ-୨	୧.୭୧	୦.୬୩	ସରକାରୀ ଅନାବାଦୀ, ମାରଫତ-ତହସିଲଦାର, ବୋରିଗୁମ୍ମା
୨୯	କଳିଆଗୁଡ଼ା	ଗ୍ରାମାଞ୍ଜ	୧୫୯	୩୭୭	ବାଗାୟତ	୦.୮୬	୦.୨୮	ଧନୁର୍ଜୟ ଗଡ଼ବା, ପି-ବାଲି, ଜାତି-ଗଡ଼ବା, ସା-କଳିଆଗୁଡ଼ା
୩୦	କଳିଆଗୁଡ଼ା	ଗ୍ରାମାଞ୍ଜ	୯୫/୪୪	୩୮୩	ପଦର	୦.୬୪	୦.୧୯	ଅର୍ଜୁନ ଖରା, ପି-ସଦନ, ଜାତି-ଭତ୍ରା, ସା-କଳିଆଗୁଡ଼ା
				ମୋଟ			୪୧.୯୪୧	

ବିଶେଷ ଦ୍ରଷ୍ଟବ୍ୟ: ଖାତା ସଂଖ୍ୟା ୯୫/୭୬ ଓ ପ୍ଲଟ ସଂଖ୍ୟା ସମ୍ବନ୍ଧୀୟ ଅଧିକ ବିବରଣୀ ତହସିଲଦାର-ତଥା-ସ୍ୱତନ୍ତ୍ର ଭୂ-ଅର୍ଜନ ଅଧିକାରୀ, ବୋରିଗୁମ୍ମାଙ୍କ କାର୍ଯ୍ୟାଳୟରୁ ମିଳିପାରିବ ।

OIPR-24057/14/0017/2526
Sd/- Tahasildar-cum-Spl. Land Acquisition Officer
Jeypore-Nabarangpur New BG Rail Link Project, Borigumma
